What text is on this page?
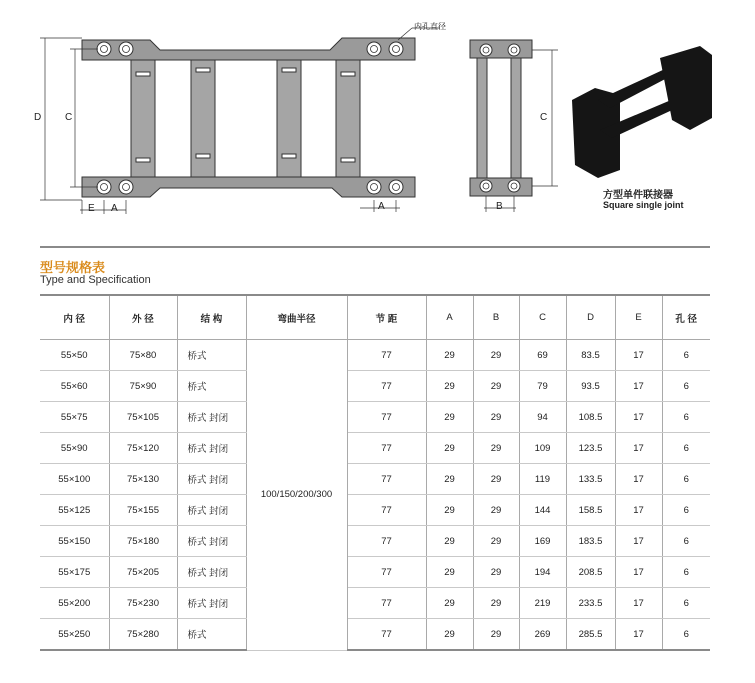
内孔直径
D C
E A	A
C
B
方型单件联接器
Square single joint
型号规格表
Type and Specification
内 径	外 径	结 构	弯曲半径	节 距	A	B	C	D	E	孔 径
55×50	75×80	桥式	100/150/200/300	77	29	29	69	83.5	17	6
55×60	75×90	桥式		77	29	29	79	93.5	17	6
55×75	75×105	桥式 封闭		77	29	29	94	108.5	17	6
55×90	75×120	桥式 封闭		77	29	29	109	123.5	17	6
55×100	75×130	桥式 封闭		77	29	29	119	133.5	17	6
55×125	75×155	桥式 封闭		77	29	29	144	158.5	17	6
55×150	75×180	桥式 封闭		77	29	29	169	183.5	17	6
55×175	75×205	桥式 封闭		77	29	29	194	208.5	17	6
55×200	75×230	桥式 封闭		77	29	29	219	233.5	17	6
55×250	75×280	桥式		77	29	29	269	285.5	17	6
